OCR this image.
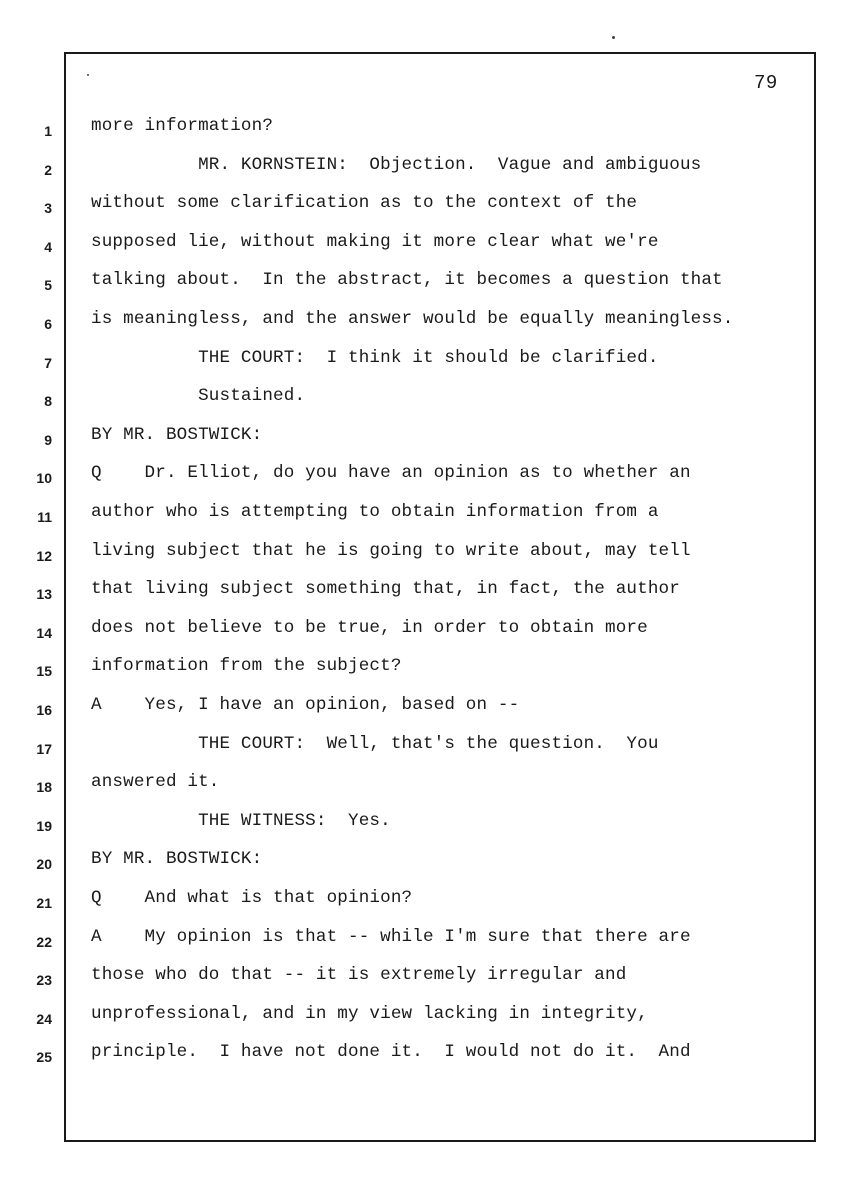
79
1 more information?
2 MR. KORNSTEIN:  Objection.  Vague and ambiguous
3 without some clarification as to the context of the
4 supposed lie, without making it more clear what we're
5 talking about.  In the abstract, it becomes a question that
6 is meaningless, and the answer would be equally meaningless.
7 THE COURT:  I think it should be clarified.
8 Sustained.
9 BY MR. BOSTWICK:
10 Q    Dr. Elliot, do you have an opinion as to whether an
11 author who is attempting to obtain information from a
12 living subject that he is going to write about, may tell
13 that living subject something that, in fact, the author
14 does not believe to be true, in order to obtain more
15 information from the subject?
16 A    Yes, I have an opinion, based on --
17 THE COURT:  Well, that's the question.  You
18 answered it.
19 THE WITNESS:  Yes.
20 BY MR. BOSTWICK:
21 Q    And what is that opinion?
22 A    My opinion is that -- while I'm sure that there are
23 those who do that -- it is extremely irregular and
24 unprofessional, and in my view lacking in integrity,
25 principle.  I have not done it.  I would not do it.  And
